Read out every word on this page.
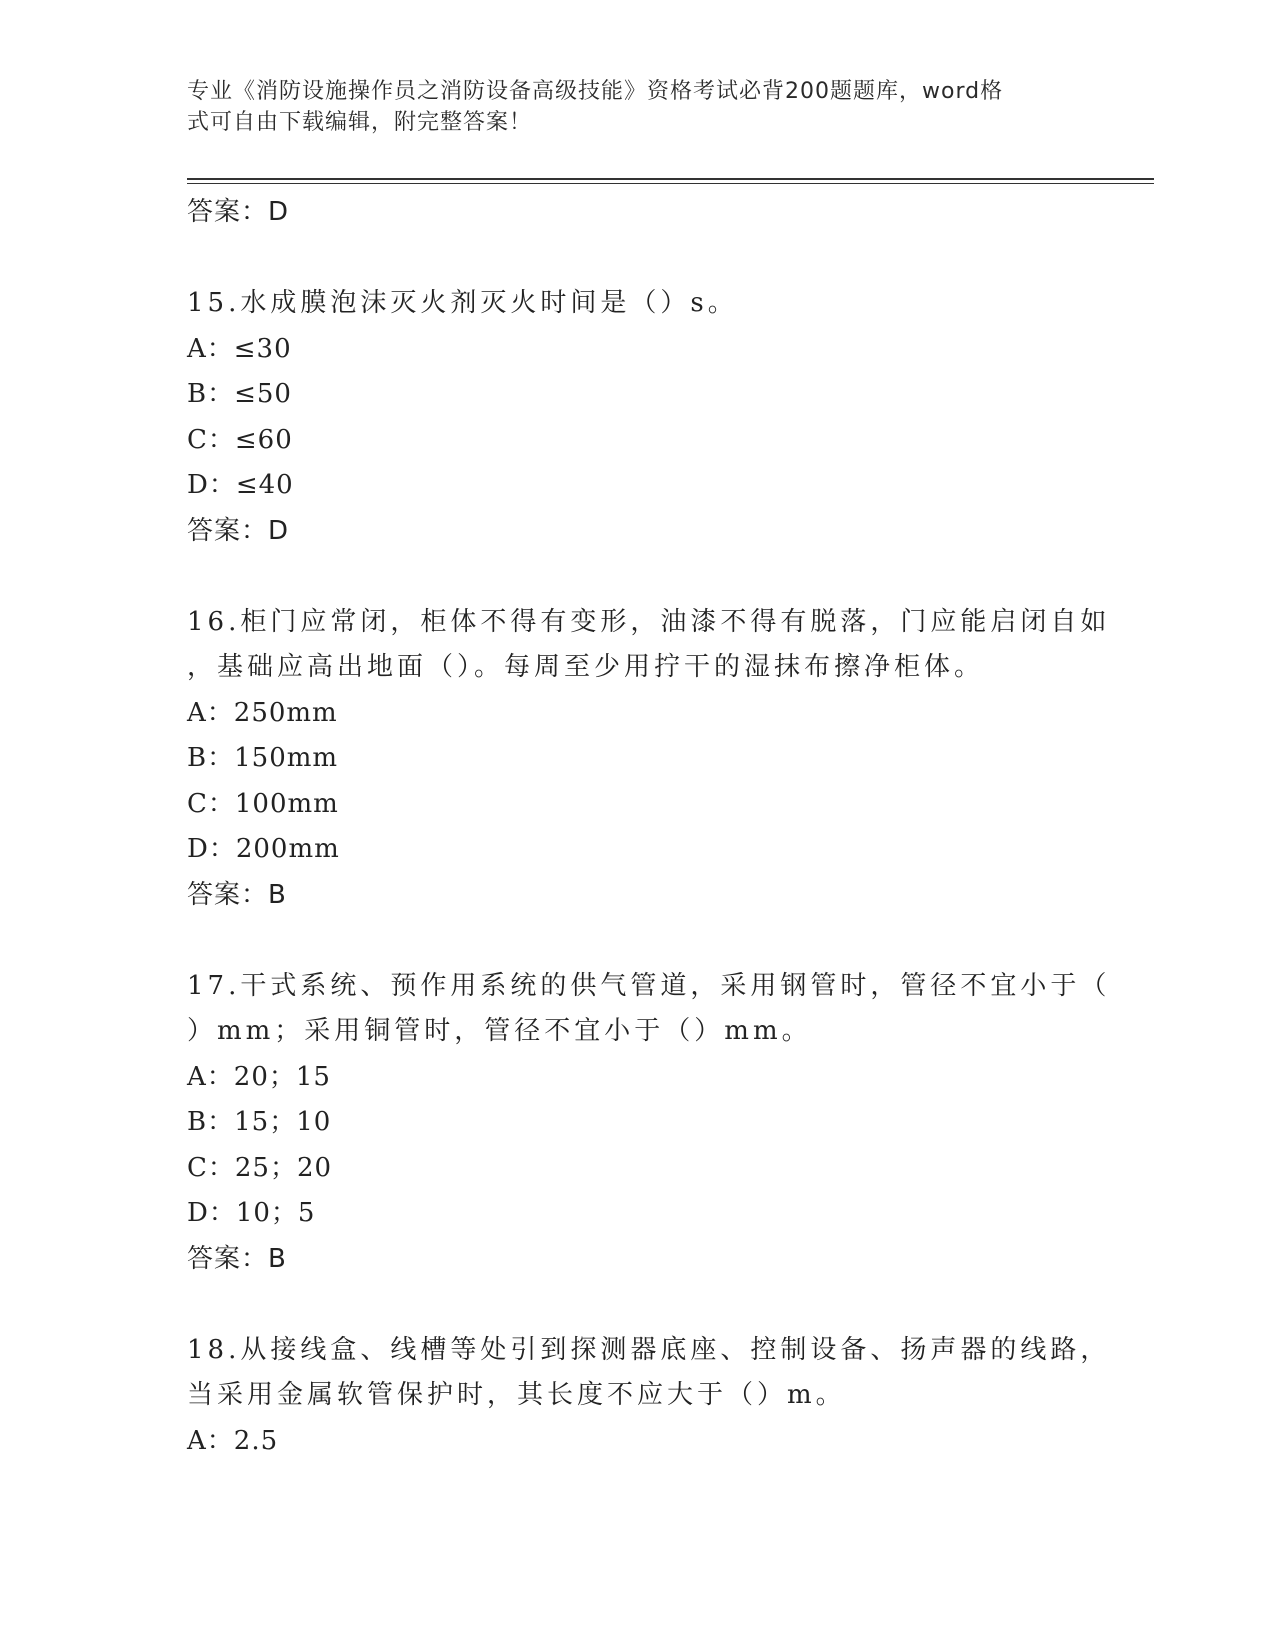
专业《消防设施操作员之消防设备高级技能》资格考试必背200题题库，word格
式可自由下载编辑，附完整答案！
答案：D
15.水成膜泡沫灭火剂灭火时间是（）s。
A：≤30
B：≤50
C：≤60
D：≤40
答案：D
16.柜门应常闭，柜体不得有变形，油漆不得有脱落，门应能启闭自如
，基础应高出地面（）。每周至少用拧干的湿抹布擦净柜体。
A：250mm
B：150mm
C：100mm
D：200mm
答案：B
17.干式系统、预作用系统的供气管道，采用钢管时，管径不宜小于（
）mm；采用铜管时，管径不宜小于（）mm。
A：20；15
B：15；10
C：25；20
D：10；5
答案：B
18.从接线盒、线槽等处引到探测器底座、控制设备、扬声器的线路，
当采用金属软管保护时，其长度不应大于（）m。
A：2.5
